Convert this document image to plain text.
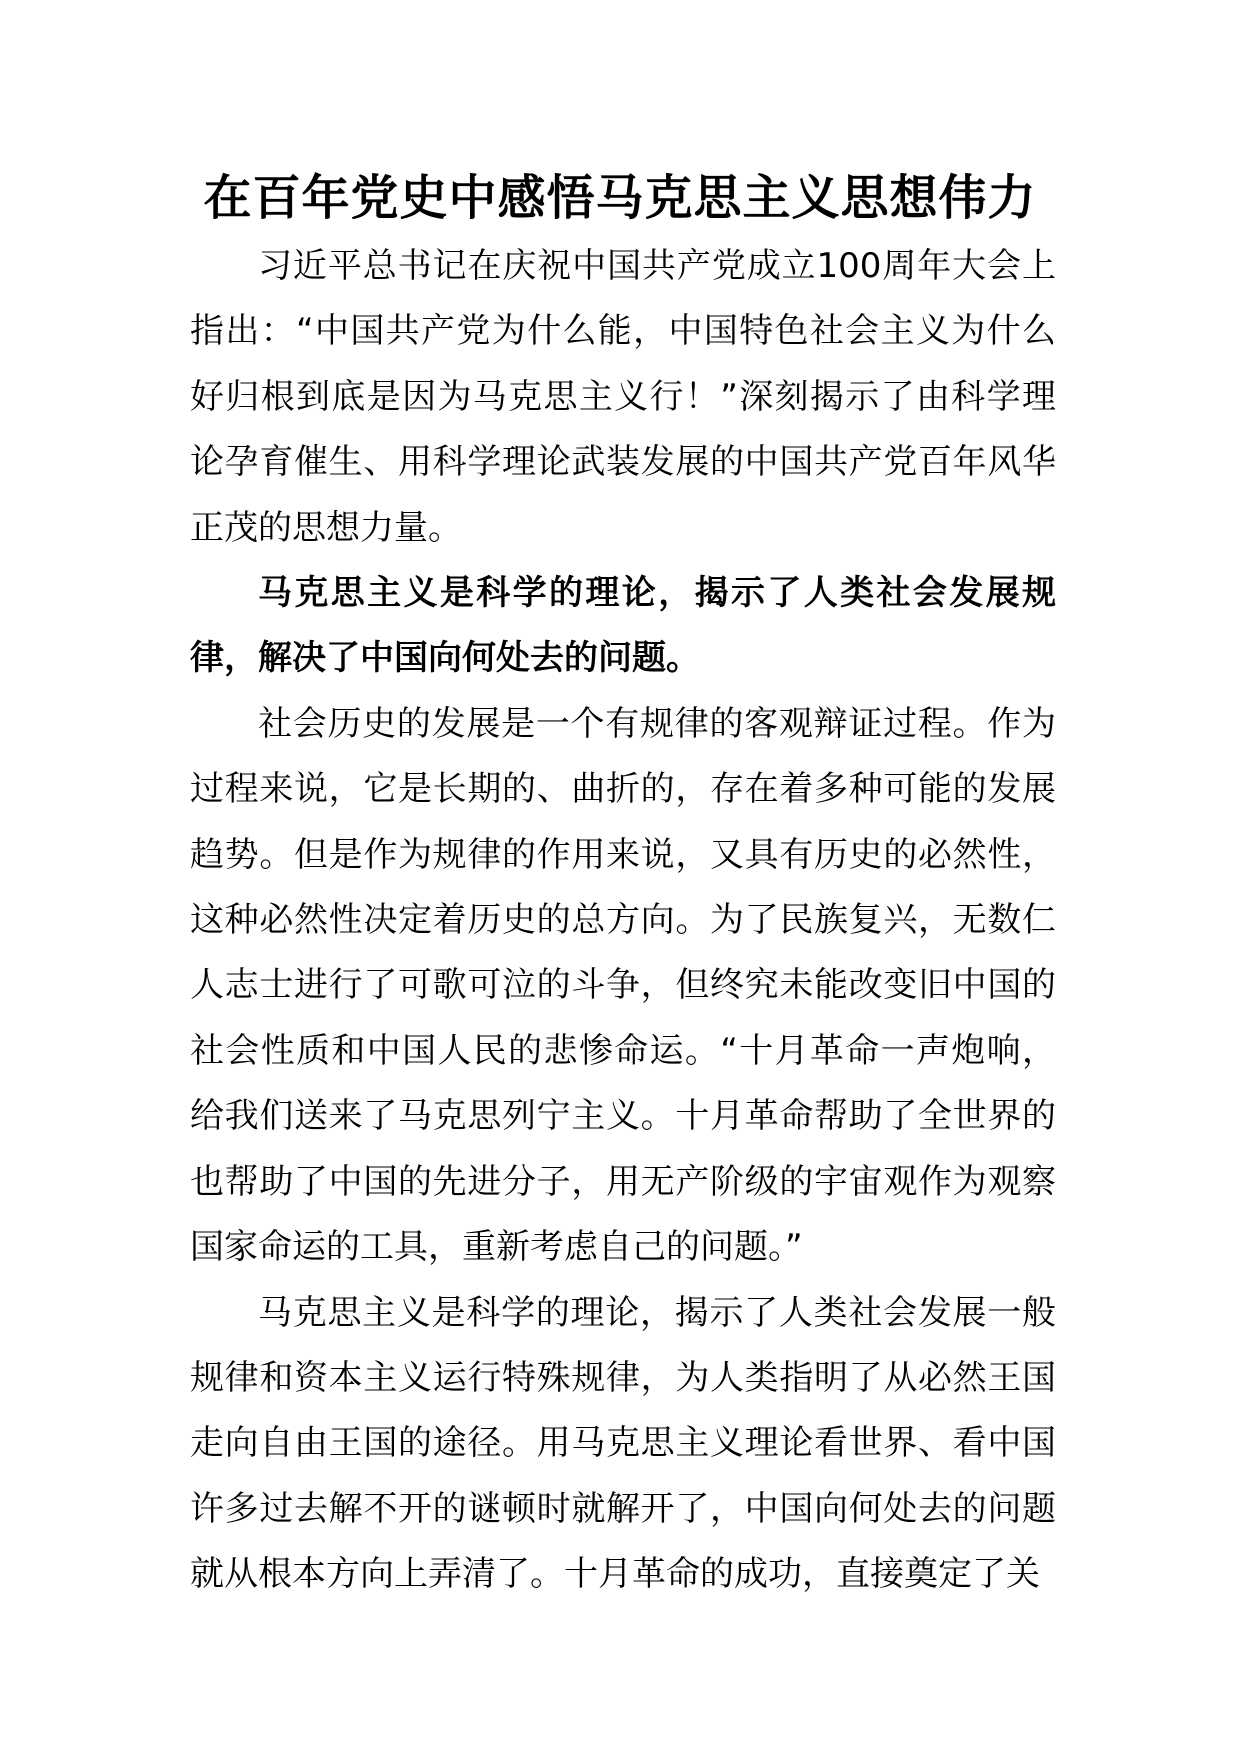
在百年党史中感悟马克思主义思想伟力

习近平总书记在庆祝中国共产党成立100周年大会上指出：“中国共产党为什么能，中国特色社会主义为什么好归根到底是因为马克思主义行！”深刻揭示了由科学理论孕育催生、用科学理论武装发展的中国共产党百年风华正茂的思想力量。

马克思主义是科学的理论，揭示了人类社会发展规律，解决了中国向何处去的问题。

社会历史的发展是一个有规律的客观辩证过程。作为过程来说，它是长期的、曲折的，存在着多种可能的发展趋势。但是作为规律的作用来说，又具有历史的必然性，这种必然性决定着历史的总方向。为了民族复兴，无数仁人志士进行了可歌可泣的斗争，但终究未能改变旧中国的社会性质和中国人民的悲惨命运。“十月革命一声炮响，给我们送来了马克思列宁主义。十月革命帮助了全世界的也帮助了中国的先进分子，用无产阶级的宇宙观作为观察国家命运的工具，重新考虑自己的问题。”

马克思主义是科学的理论，揭示了人类社会发展一般规律和资本主义运行特殊规律，为人类指明了从必然王国走向自由王国的途径。用马克思主义理论看世界、看中国许多过去解不开的谜顿时就解开了，中国向何处去的问题就从根本方向上弄清了。十月革命的成功，直接奠定了关
